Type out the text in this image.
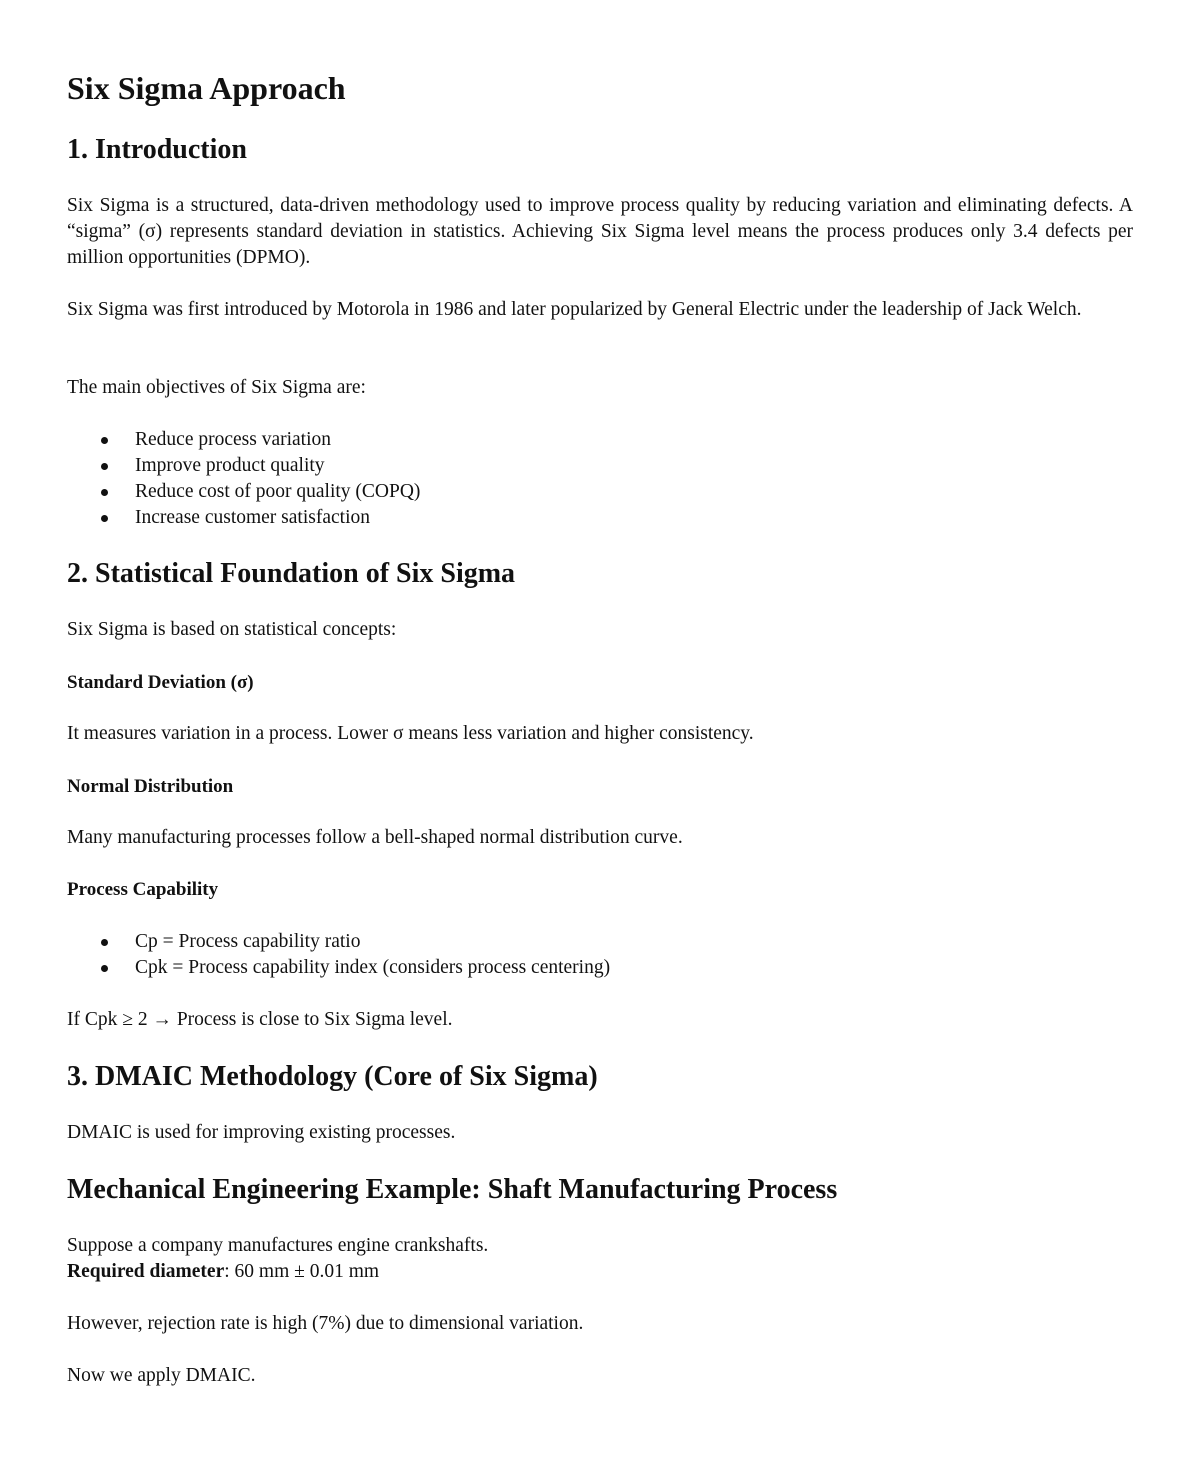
Six Sigma Approach
1. Introduction

Six Sigma is a structured, data-driven methodology used to improve process quality by reducing variation and eliminating defects. A “sigma” (σ) represents standard deviation in statistics. Achieving Six Sigma level means the process produces only 3.4 defects per million opportunities (DPMO).

Six Sigma was first introduced by Motorola in 1986 and later popularized by General Electric under the leadership of Jack Welch.

The main objectives of Six Sigma are:

Reduce process variation
Improve product quality
Reduce cost of poor quality (COPQ)
Increase customer satisfaction
2. Statistical Foundation of Six Sigma

Six Sigma is based on statistical concepts:

Standard Deviation (σ)

It measures variation in a process. Lower σ means less variation and higher consistency.

Normal Distribution

Many manufacturing processes follow a bell-shaped normal distribution curve.

Process Capability
Cp = Process capability ratio
Cpk = Process capability index (considers process centering)

If Cpk ≥ 2 → Process is close to Six Sigma level.

3. DMAIC Methodology (Core of Six Sigma)

DMAIC is used for improving existing processes.

Mechanical Engineering Example: Shaft Manufacturing Process

Suppose a company manufactures engine crankshafts.

Required diameter: 60 mm ± 0.01 mm

However, rejection rate is high (7%) due to dimensional variation.

Now we apply DMAIC.
